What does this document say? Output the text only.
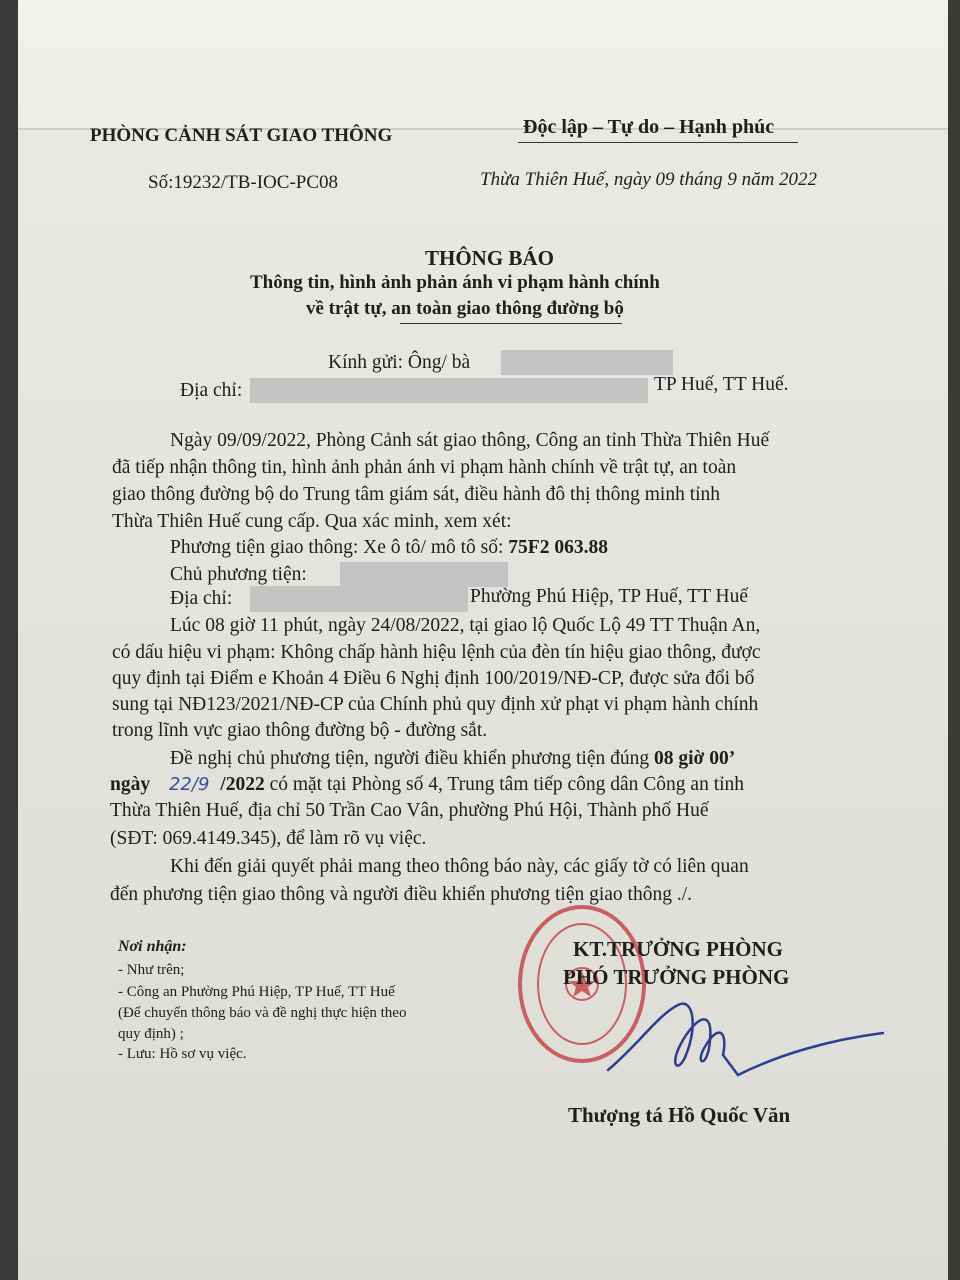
PHÒNG CẢNH SÁT GIAO THÔNG	Độc lập – Tự do – Hạnh phúc
Số:19232/TB-IOC-PC08	Thừa Thiên Huế, ngày 09 tháng 9 năm 2022
THÔNG BÁO
Thông tin, hình ảnh phản ánh vi phạm hành chính
về trật tự, an toàn giao thông đường bộ
Kính gửi: Ông/ bà
Địa chỉ:	TP Huế, TT Huế.
Ngày 09/09/2022, Phòng Cảnh sát giao thông, Công an tỉnh Thừa Thiên Huế
đã tiếp nhận thông tin, hình ảnh phản ánh vi phạm hành chính về trật tự, an toàn
giao thông đường bộ do Trung tâm giám sát, điều hành đô thị thông minh tỉnh
Thừa Thiên Huế cung cấp. Qua xác minh, xem xét:
Phương tiện giao thông: Xe ô tô/ mô tô số: 75F2 063.88
Chủ phương tiện:
Địa chỉ:	Phường Phú Hiệp, TP Huế, TT Huế
Lúc 08 giờ 11 phút, ngày 24/08/2022, tại giao lộ Quốc Lộ 49 TT Thuận An,
có dấu hiệu vi phạm: Không chấp hành hiệu lệnh của đèn tín hiệu giao thông, được
quy định tại Điểm e Khoản 4 Điều 6 Nghị định 100/2019/NĐ-CP, được sửa đổi bổ
sung tại NĐ123/2021/NĐ-CP của Chính phủ quy định xử phạt vi phạm hành chính
trong lĩnh vực giao thông đường bộ - đường sắt.
Đề nghị chủ phương tiện, người điều khiển phương tiện đúng 08 giờ 00’
ngày 22/9 /2022 có mặt tại Phòng số 4, Trung tâm tiếp công dân Công an tỉnh
Thừa Thiên Huế, địa chỉ 50 Trần Cao Vân, phường Phú Hội, Thành phố Huế
(SĐT: 069.4149.345), để làm rõ vụ việc.
Khi đến giải quyết phải mang theo thông báo này, các giấy tờ có liên quan
đến phương tiện giao thông và người điều khiển phương tiện giao thông ./.
Nơi nhận:
- Như trên;
- Công an Phường Phú Hiệp, TP Huế, TT Huế
(Để chuyển thông báo và đề nghị thực hiện theo
quy định) ;
- Lưu: Hồ sơ vụ việc.
KT.TRƯỞNG PHÒNG
PHÓ TRƯỞNG PHÒNG
Thượng tá Hồ Quốc Văn
